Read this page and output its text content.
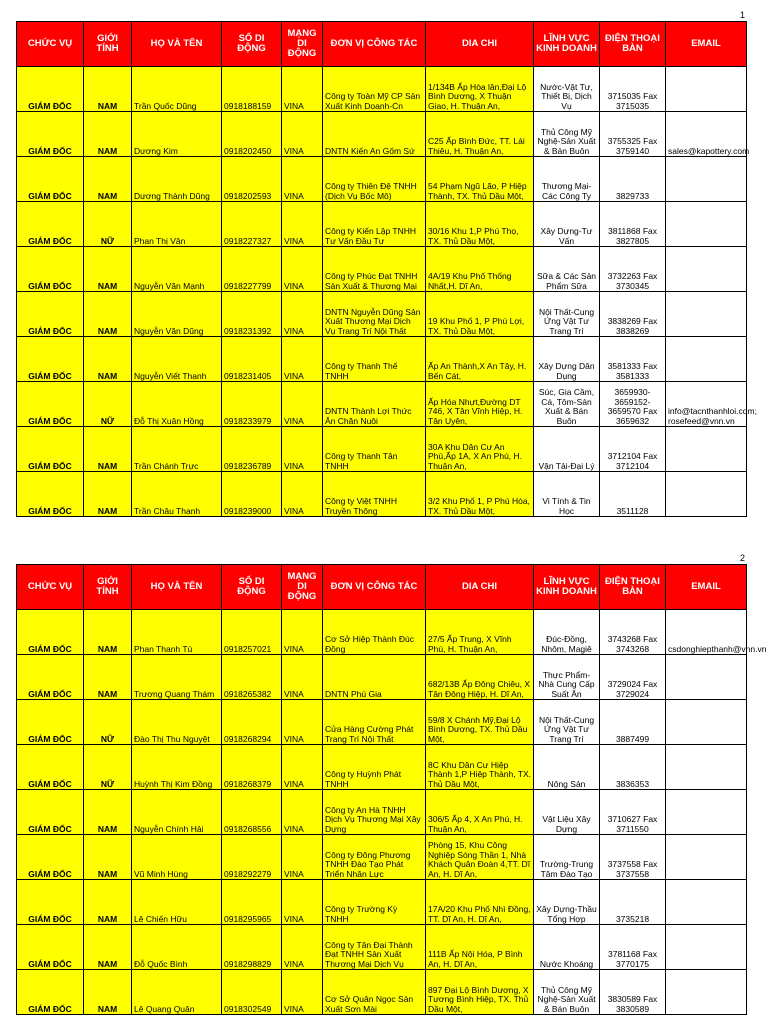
1
CHỨC VỤ	GIỚI TÍNH	HỌ VÀ TÊN	SỐ DI ĐỘNG	MẠNG DI ĐỘNG	ĐƠN VỊ CÔNG TÁC	DIA CHI	LĨNH VỰC KINH DOANH	ĐIỆN THOẠI BÀN	EMAIL
GIÁM ĐỐC	NAM	Trần Quốc Dũng	0918188159	VINA	Công ty Toàn Mỹ CP Sản Xuất Kinh Doanh-Cn	1/134B Ấp Hòa lân,Đại Lộ Bình Dương, X Thuận Giao, H. Thuận An,	Nước-Vật Tư, Thiết Bị, Dịch Vụ	3715035 Fax 3715035	
GIÁM ĐỐC	NAM	Dương Kim	0918202450	VINA	DNTN Kiến An Gốm Sứ	C25 Ấp Bình Đức, TT. Lái Thiêu, H. Thuận An,	Thủ Công Mỹ Nghệ-Sản Xuất & Bán Buôn	3755325 Fax 3759140	sales@kapottery.com
GIÁM ĐỐC	NAM	Dương Thành Dũng	0918202593	VINA	Công ty Thiên Đệ TNHH (Dịch Vụ Bốc Mô)	54 Phạm Ngũ Lão, P Hiệp Thành, TX. Thủ Dầu Một,	Thương Mại-Các Công Ty	3829733	
GIÁM ĐỐC	NỮ	Phan Thị Vân	0918227327	VINA	Công ty Kiến Lập TNHH Tư Vấn Đầu Tư	30/16 Khu 1,P Phú Thọ, TX. Thủ Dầu Một,	Xây Dựng-Tư Vấn	3811868 Fax 3827805	
GIÁM ĐỐC	NAM	Nguyễn Văn Mạnh	0918227799	VINA	Công ty Phúc Đạt TNHH Sản Xuất & Thương Mại	4A/19 Khu Phố Thống Nhất,H. Dĩ An,	Sữa & Các Sản Phẩm Sữa	3732263 Fax 3730345	
GIÁM ĐỐC	NAM	Nguyễn Văn Dũng	0918231392	VINA	DNTN Nguyễn Dũng Sản Xuất Thương Mại Dịch Vụ Trang Trí Nội Thất	19 Khu Phố 1, P Phú Lợi, TX. Thủ Dầu Một,	Nội Thất-Cung Ứng Vật Tư Trang Trí	3838269 Fax 3838269	
GIÁM ĐỐC	NAM	Nguyễn Viết Thanh	0918231405	VINA	Công ty Thanh Thế TNHH	Ấp An Thành,X An Tây, H. Bến Cát,	Xây Dựng Dân Dụng	3581333 Fax 3581333	
GIÁM ĐỐC	NỮ	Đỗ Thị Xuân Hồng	0918233979	VINA	DNTN Thành Lợi Thức Ăn Chăn Nuôi	Ấp Hóa Nhựt,Đường DT 746, X Tân Vĩnh Hiệp, H. Tân Uyên,	Súc, Gia Cầm, Cá, Tôm-Sản Xuất & Bán Buôn	3659930-3659152-3659570 Fax 3659632	info@tacnthanhloi.com; rosefeed@vnn.vn
GIÁM ĐỐC	NAM	Trần Chánh Trực	0918236789	VINA	Công ty Thanh Tân TNHH	30A Khu Dân Cư An Phú,Ấp 1A, X An Phú, H. Thuận An,	Vận Tải-Đại Lý	3712104 Fax 3712104	
GIÁM ĐỐC	NAM	Trần Châu Thanh	0918239000	VINA	Công ty Việt TNHH Truyền Thông	3/2 Khu Phố 1, P Phú Hòa, TX. Thủ Dầu Một,	Vi Tính & Tin Học	3511128	
2
CHỨC VỤ	GIỚI TÍNH	HỌ VÀ TÊN	SỐ DI ĐỘNG	MẠNG DI ĐỘNG	ĐƠN VỊ CÔNG TÁC	DIA CHI	LĨNH VỰC KINH DOANH	ĐIỆN THOẠI BÀN	EMAIL
GIÁM ĐỐC	NAM	Phan Thanh Tú	0918257021	VINA	Cơ Sở Hiệp Thành Đúc Đồng	27/5 Ấp Trung, X Vĩnh Phú, H. Thuận An,	Đúc-Đồng, Nhôm, Magiê	3743268 Fax 3743268	csdonghiepthanh@vnn.vn
GIÁM ĐỐC	NAM	Trương Quang Thám	0918265382	VINA	DNTN Phú Gia	682/13B Ấp Đông Chiêu, X Tân Đông Hiệp, H. Dĩ An,	Thực Phẩm-Nhà Cung Cấp Suất Ăn	3729024 Fax 3729024	
GIÁM ĐỐC	NỮ	Đào Thị Thu Nguyệt	0918268294	VINA	Cửa Hàng Cường Phát Trang Trí Nội Thất	59/8 X Chánh Mỹ,Đại Lộ Bình Dương, TX. Thủ Dầu Một,	Nội Thất-Cung Ứng Vật Tư Trang Trí	3887499	
GIÁM ĐỐC	NỮ	Huỳnh Thị Kim Đồng	0918268379	VINA	Công ty Huỳnh Phát TNHH	8C Khu Dân Cư Hiệp Thành 1,P Hiệp Thành, TX. Thủ Dầu Một,	Nông Sản	3836353	
GIÁM ĐỐC	NAM	Nguyễn Chính Hải	0918268556	VINA	Công ty An Hà TNHH Dịch Vụ Thương Mại Xây Dựng	306/5 Ấp 4, X An Phú, H. Thuận An,	Vật Liệu Xây Dựng	3710627 Fax 3711550	
GIÁM ĐỐC	NAM	Vũ Minh Hùng	0918292279	VINA	Công ty Đông Phương TNHH Đào Tạo Phát Triển Nhân Lực	Phòng 15, Khu Công Nghiệp Sóng Thần 1, Nhà Khách Quân Đoàn 4,TT. Dĩ An, H. Dĩ An,	Trường-Trung Tâm Đào Tạo	3737558 Fax 3737558	
GIÁM ĐỐC	NAM	Lê Chiến Hữu	0918295965	VINA	Công ty Trường Kỳ TNHH	17A/20 Khu Phố Nhì Đồng, TT. Dĩ An, H. Dĩ An,	Xây Dựng-Thầu Tổng Hợp	3735218	
GIÁM ĐỐC	NAM	Đỗ Quốc Bình	0918298829	VINA	Công ty Tân Đại Thành Đạt TNHH Sản Xuất Thương Mại Dịch Vụ	111B Ấp Nội Hóa, P Bình An, H. Dĩ An,	Nước Khoáng	3781168 Fax 3770175	
GIÁM ĐỐC	NAM	Lê Quang Quân	0918302549	VINA	Cơ Sở Quân Ngọc Sản Xuất Sơn Mài	897 Đại Lộ Bình Dương, X Tương Bình Hiệp, TX. Thủ Dầu Một,	Thủ Công Mỹ Nghệ-Sản Xuất & Bán Buôn	3830589 Fax 3830589	
